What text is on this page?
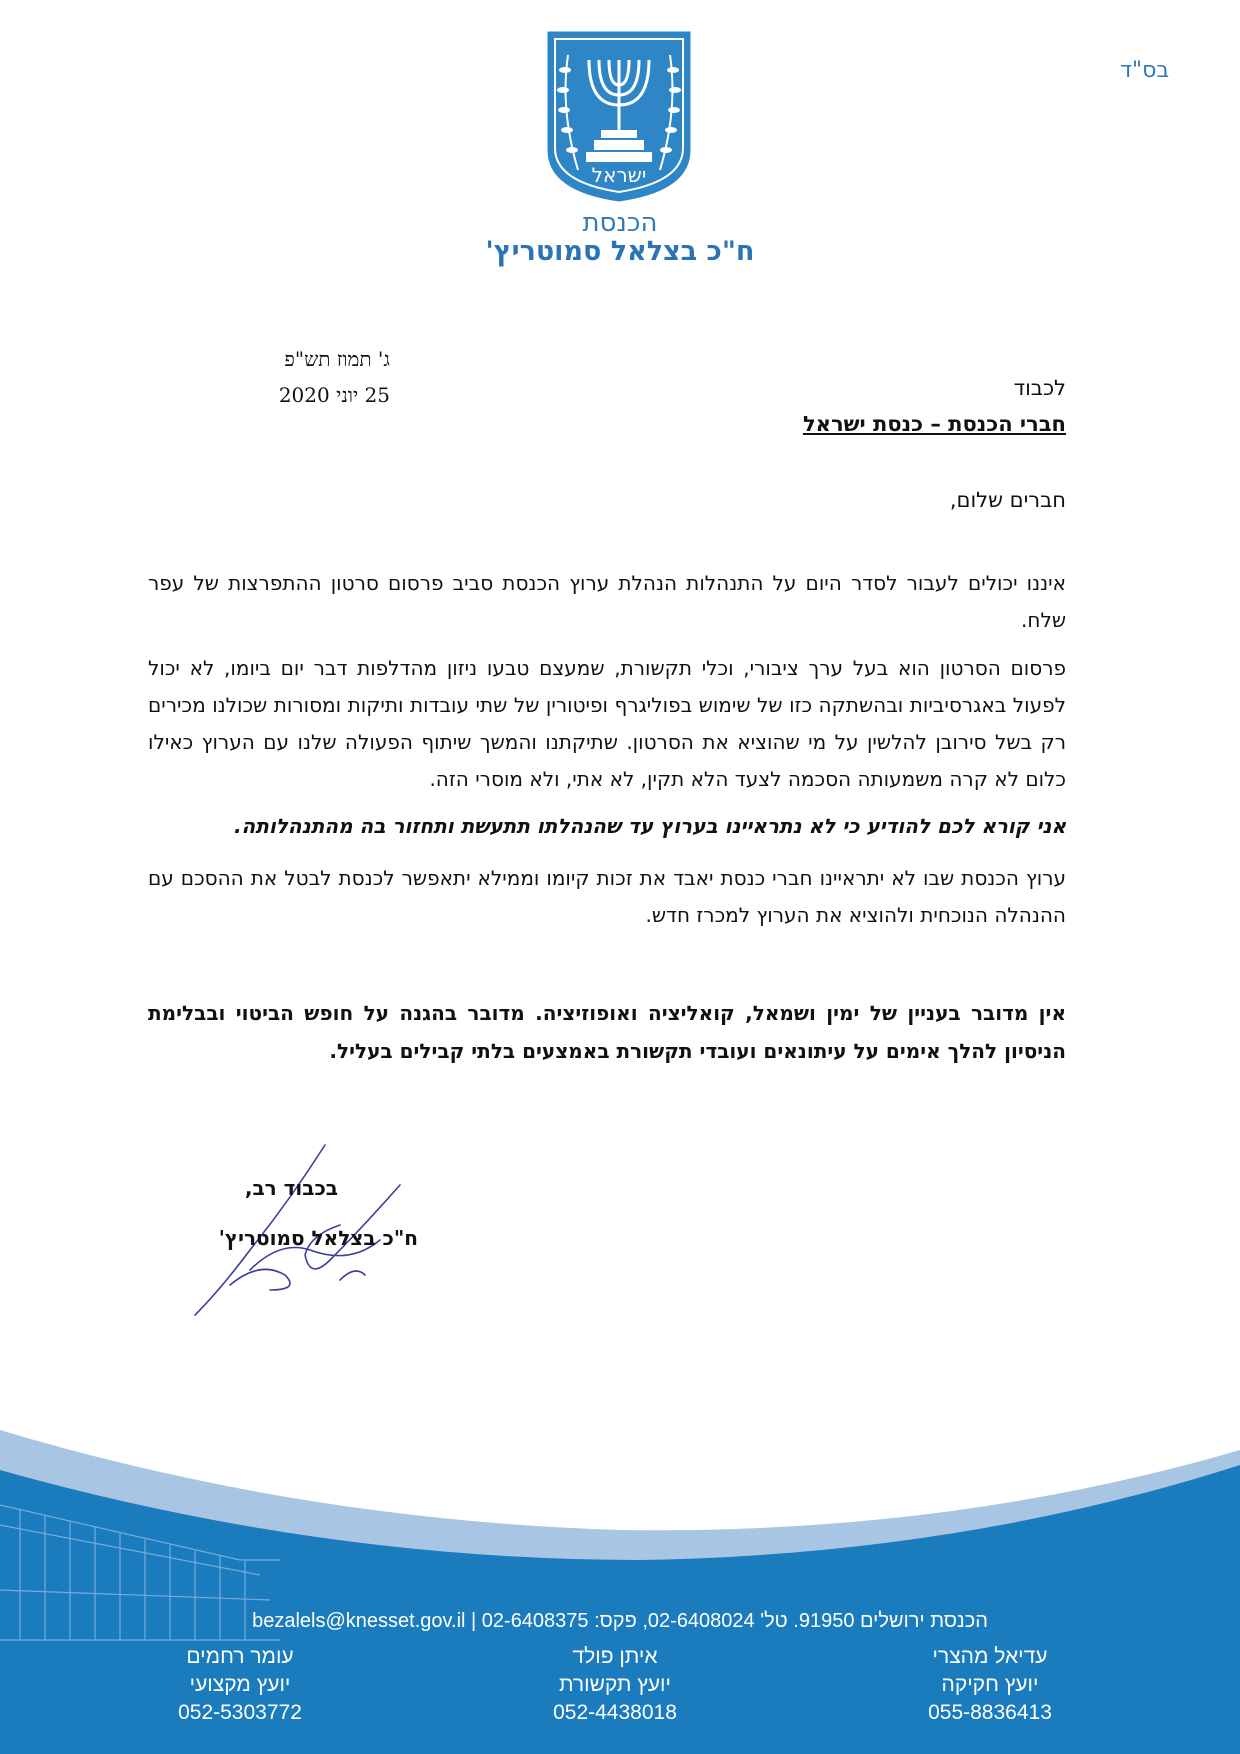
בס"ד
ישראל
הכנסת
ח"כ בצלאל סמוטריץ'
ג' תמוז תש"פ
25 יוני 2020	לכבוד
חברי הכנסת – כנסת ישראל
חברים שלום,
איננו יכולים לעבור לסדר היום על התנהלות הנהלת ערוץ הכנסת סביב פרסום סרטון ההתפרצות של עפר שלח.
פרסום הסרטון הוא בעל ערך ציבורי, וכלי תקשורת, שמעצם טבעו ניזון מהדלפות דבר יום ביומו, לא יכול לפעול באגרסיביות ובהשתקה כזו של שימוש בפוליגרף ופיטורין של שתי עובדות ותיקות ומסורות שכולנו מכירים רק בשל סירובן להלשין על מי שהוציא את הסרטון. שתיקתנו והמשך שיתוף הפעולה שלנו עם הערוץ כאילו כלום לא קרה משמעותה הסכמה לצעד הלא תקין, לא אתי, ולא מוסרי הזה.
אני קורא לכם להודיע כי לא נתראיינו בערוץ עד שהנהלתו תתעשת ותחזור בה מהתנהלותה.
ערוץ הכנסת שבו לא יתראיינו חברי כנסת יאבד את זכות קיומו וממילא יתאפשר לכנסת לבטל את ההסכם עם ההנהלה הנוכחית ולהוציא את הערוץ למכרז חדש.
אין מדובר בעניין של ימין ושמאל, קואליציה ואופוזיציה. מדובר בהגנה על חופש הביטוי ובבלימת הניסיון להלך אימים על עיתונאים ועובדי תקשורת באמצעים בלתי קבילים בעליל.
בכבוד רב,
ח"כ בצלאל סמוטריץ'
הכנסת ירושלים 91950. טל' 02-6408024, פקס: 02-6408375 | bezalels@knesset.gov.il
עדיאל מהצרי
יועץ חקיקה
055-8836413
איתן פולד
יועץ תקשורת
052-4438018
עומר רחמים
יועץ מקצועי
052-5303772
